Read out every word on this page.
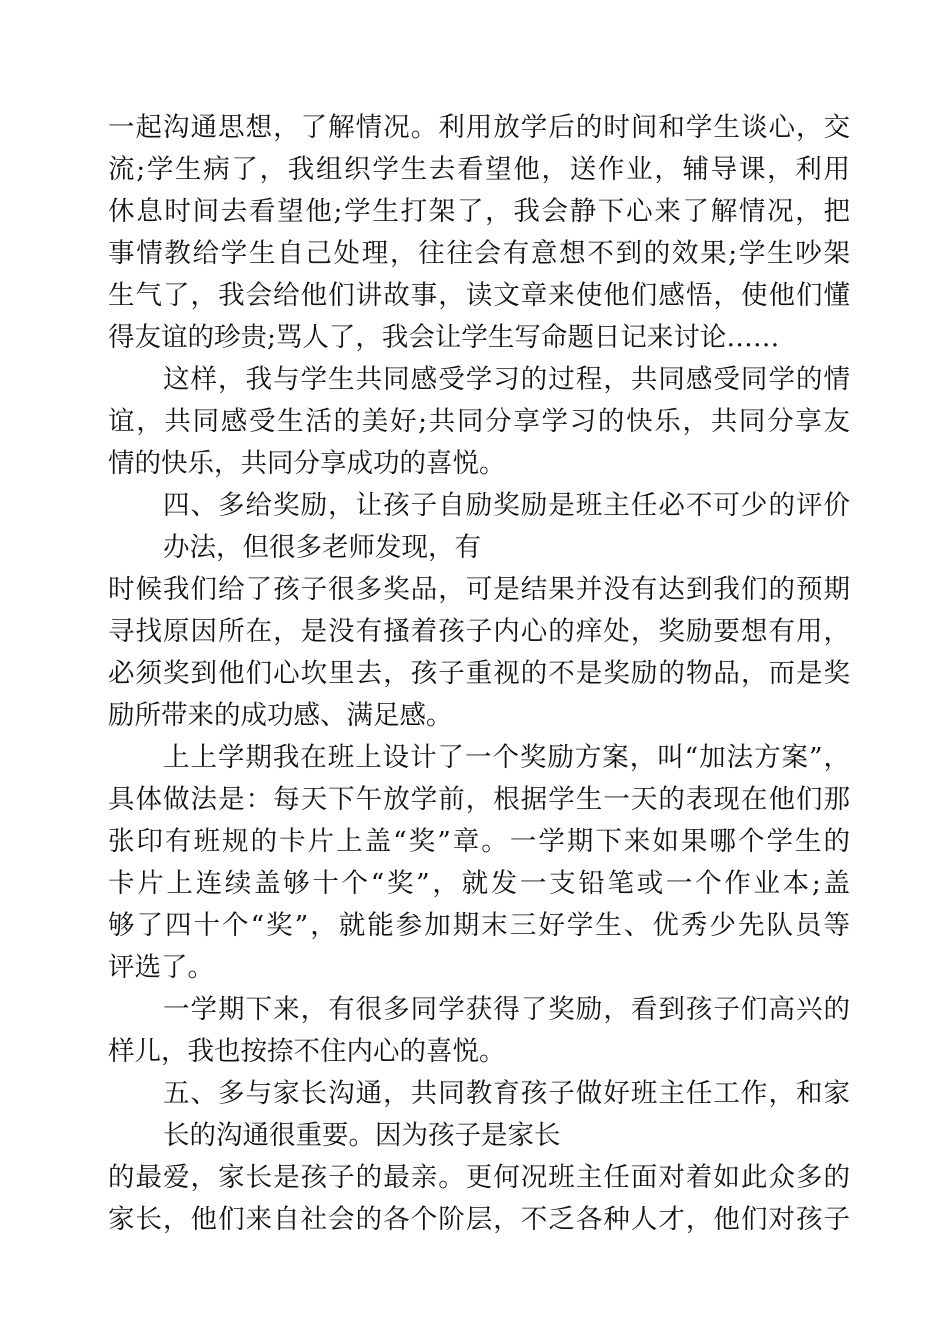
一起沟通思想，了解情况。利用放学后的时间和学生谈心，交
流;学生病了，我组织学生去看望他，送作业，辅导课，利用
休息时间去看望他;学生打架了，我会静下心来了解情况，把
事情教给学生自己处理，往往会有意想不到的效果;学生吵架
生气了，我会给他们讲故事，读文章来使他们感悟，使他们懂
得友谊的珍贵;骂人了，我会让学生写命题日记来讨论……
这样，我与学生共同感受学习的过程，共同感受同学的情
谊，共同感受生活的美好;共同分享学习的快乐，共同分享友
情的快乐，共同分享成功的喜悦。
四、多给奖励，让孩子自励奖励是班主任必不可少的评价
办法，但很多老师发现，有
时候我们给了孩子很多奖品，可是结果并没有达到我们的预期
寻找原因所在，是没有搔着孩子内心的痒处，奖励要想有用，
必须奖到他们心坎里去，孩子重视的不是奖励的物品，而是奖
励所带来的成功感、满足感。
上上学期我在班上设计了一个奖励方案，叫“加法方案”，
具体做法是：每天下午放学前，根据学生一天的表现在他们那
张印有班规的卡片上盖“奖”章。一学期下来如果哪个学生的
卡片上连续盖够十个“奖”，就发一支铅笔或一个作业本;盖
够了四十个“奖”，就能参加期末三好学生、优秀少先队员等
评选了。
一学期下来，有很多同学获得了奖励，看到孩子们高兴的
样儿，我也按捺不住内心的喜悦。
五、多与家长沟通，共同教育孩子做好班主任工作，和家
长的沟通很重要。因为孩子是家长
的最爱，家长是孩子的最亲。更何况班主任面对着如此众多的
家长，他们来自社会的各个阶层，不乏各种人才，他们对孩子
